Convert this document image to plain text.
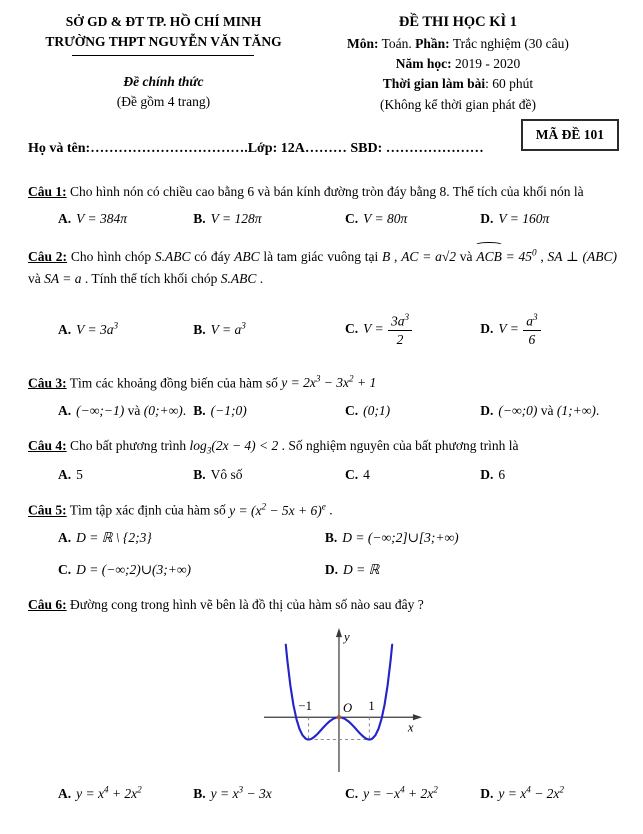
SỞ GD & ĐT TP. HỒ CHÍ MINH
TRƯỜNG THPT NGUYỄN VĂN TĂNG
Đề chính thức
(Đề gồm 4 trang)
ĐỀ THI HỌC KÌ 1
Môn: Toán. Phần: Trắc nghiệm (30 câu)
Năm học: 2019 - 2020
Thời gian làm bài: 60 phút
(Không kể thời gian phát đề)
Họ và tên:…………………………….Lớp: 12A……… SBD: …………………
MÃ ĐỀ 101
Câu 1: Cho hình nón có chiều cao bằng 6 và bán kính đường tròn đáy bằng 8. Thể tích của khối nón là
A. V = 384π	B. V = 128π	C. V = 80π	D. V = 160π
Câu 2: Cho hình chóp S.ABC có đáy ABC là tam giác vuông tại B , AC = a√2 và ACB = $45^0$ , SA ⊥ (ABC) và SA = a . Tính thể tích khối chóp S.ABC .
A. $V = 3a^3$	B. $V = a^3$	C. $V = \frac{3a^3}{2}$	D. $V = \frac{a^3}{6}$
Câu 3: Tìm các khoảng đồng biến của hàm số $y = 2x^3 - 3x^2 + 1$
A. (−∞;−1) và (0;+∞). B. (−1;0)	C. (0;1)	D. (−∞;0) và (1;+∞).
Câu 4: Cho bất phương trình $\log_3(2x - 4) < 2$ . Số nghiệm nguyên của bất phương trình là
A. 5	B. Vô số	C. 4	D. 6
Câu 5: Tìm tập xác định của hàm số $y = (x^2 - 5x + 6)^e$ .
A. D = ℝ \ {2;3}	B. D = (−∞;2]∪[3;+∞)
C. D = (−∞;2)∪(3;+∞)	D. D = ℝ
Câu 6: Đường cong trong hình vẽ bên là đồ thị của hàm số nào sau đây ?
y
x
O
−1	1
A. $y = x^4 + 2x^2$	B. $y = x^3 - 3x$	C. $y = -x^4 + 2x^2$	D. $y = x^4 - 2x^2$
